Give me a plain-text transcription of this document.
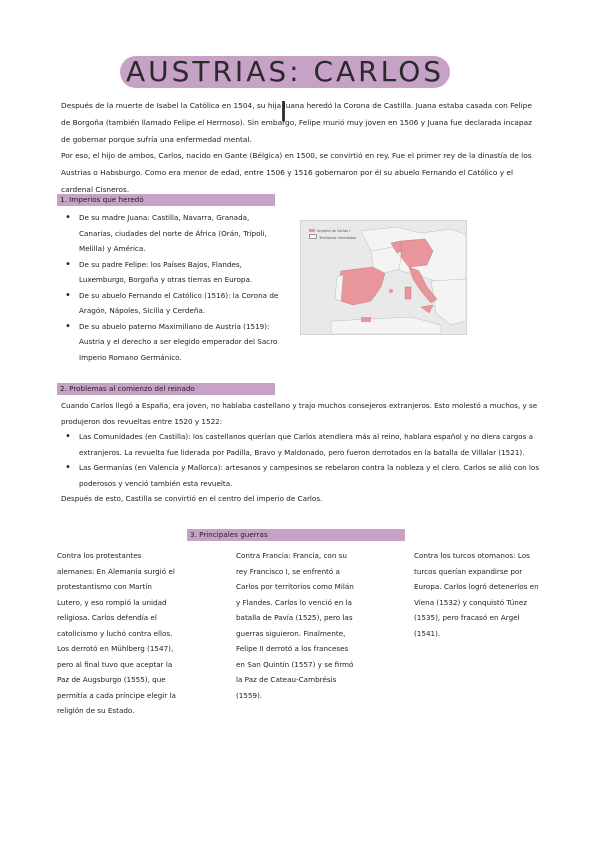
AUSTRIAS: CARLOS I

Después de la muerte de Isabel la Católica en 1504, su hija Juana heredó la Corona de Castilla. Juana estaba casada con Felipe de Borgoña (también llamado Felipe el Hermoso). Sin embargo, Felipe murió muy joven en 1506 y Juana fue declarada incapaz de gobernar porque sufría una enfermedad mental.

Por eso, el hijo de ambos, Carlos, nacido en Gante (Bélgica) en 1500, se convirtió en rey. Fue el primer rey de la dinastía de los Austrias o Habsburgo. Como era menor de edad, entre 1506 y 1516 gobernaron por él su abuelo Fernando el Católico y el cardenal Cisneros.

1. Imperios que heredó
• De su madre Juana: Castilla, Navarra, Granada, Canarias, ciudades del norte de África (Orán, Trípoli, Melilla) y América.
• De su padre Felipe: los Países Bajos, Flandes, Luxemburgo, Borgoña y otras tierras en Europa.
• De su abuelo Fernando el Católico (1516): la Corona de Aragón, Nápoles, Sicilia y Cerdeña.
• De su abuelo paterno Maximiliano de Austria (1519): Austria y el derecho a ser elegido emperador del Sacro Imperio Romano Germánico.
Imperio de Carlos I
Territorios heredados
2. Problemas al comienzo del reinado

Cuando Carlos llegó a España, era joven, no hablaba castellano y trajo muchos consejeros extranjeros. Esto molestó a muchos, y se produjeron dos revueltas entre 1520 y 1522:

• Las Comunidades (en Castilla): los castellanos querían que Carlos atendiera más al reino, hablara español y no diera cargos a extranjeros. La revuelta fue liderada por Padilla, Bravo y Maldonado, pero fueron derrotados en la batalla de Villalar (1521).
• Las Germanías (en Valencia y Mallorca): artesanos y campesinos se rebelaron contra la nobleza y el clero. Carlos se alió con los poderosos y venció también esta revuelta.

Después de esto, Castilla se convirtió en el centro del imperio de Carlos.

3. Principales guerras

Contra los protestantes alemanes: En Alemania surgió el protestantismo con Martín Lutero, y eso rompió la unidad religiosa. Carlos defendía el catolicismo y luchó contra ellos. Los derrotó en Mühlberg (1547), pero al final tuvo que aceptar la Paz de Augsburgo (1555), que permitía a cada príncipe elegir la religión de su Estado.

Contra Francia: Francia, con su rey Francisco I, se enfrentó a Carlos por territorios como Milán y Flandes. Carlos lo venció en la batalla de Pavía (1525), pero las guerras siguieron. Finalmente, Felipe II derrotó a los franceses en San Quintín (1557) y se firmó la Paz de Cateau-Cambrésis (1559).

Contra los turcos otomanos: Los turcos querían expandirse por Europa. Carlos logró detenerlos en Viena (1532) y conquistó Túnez (1535), pero fracasó en Argel (1541).
